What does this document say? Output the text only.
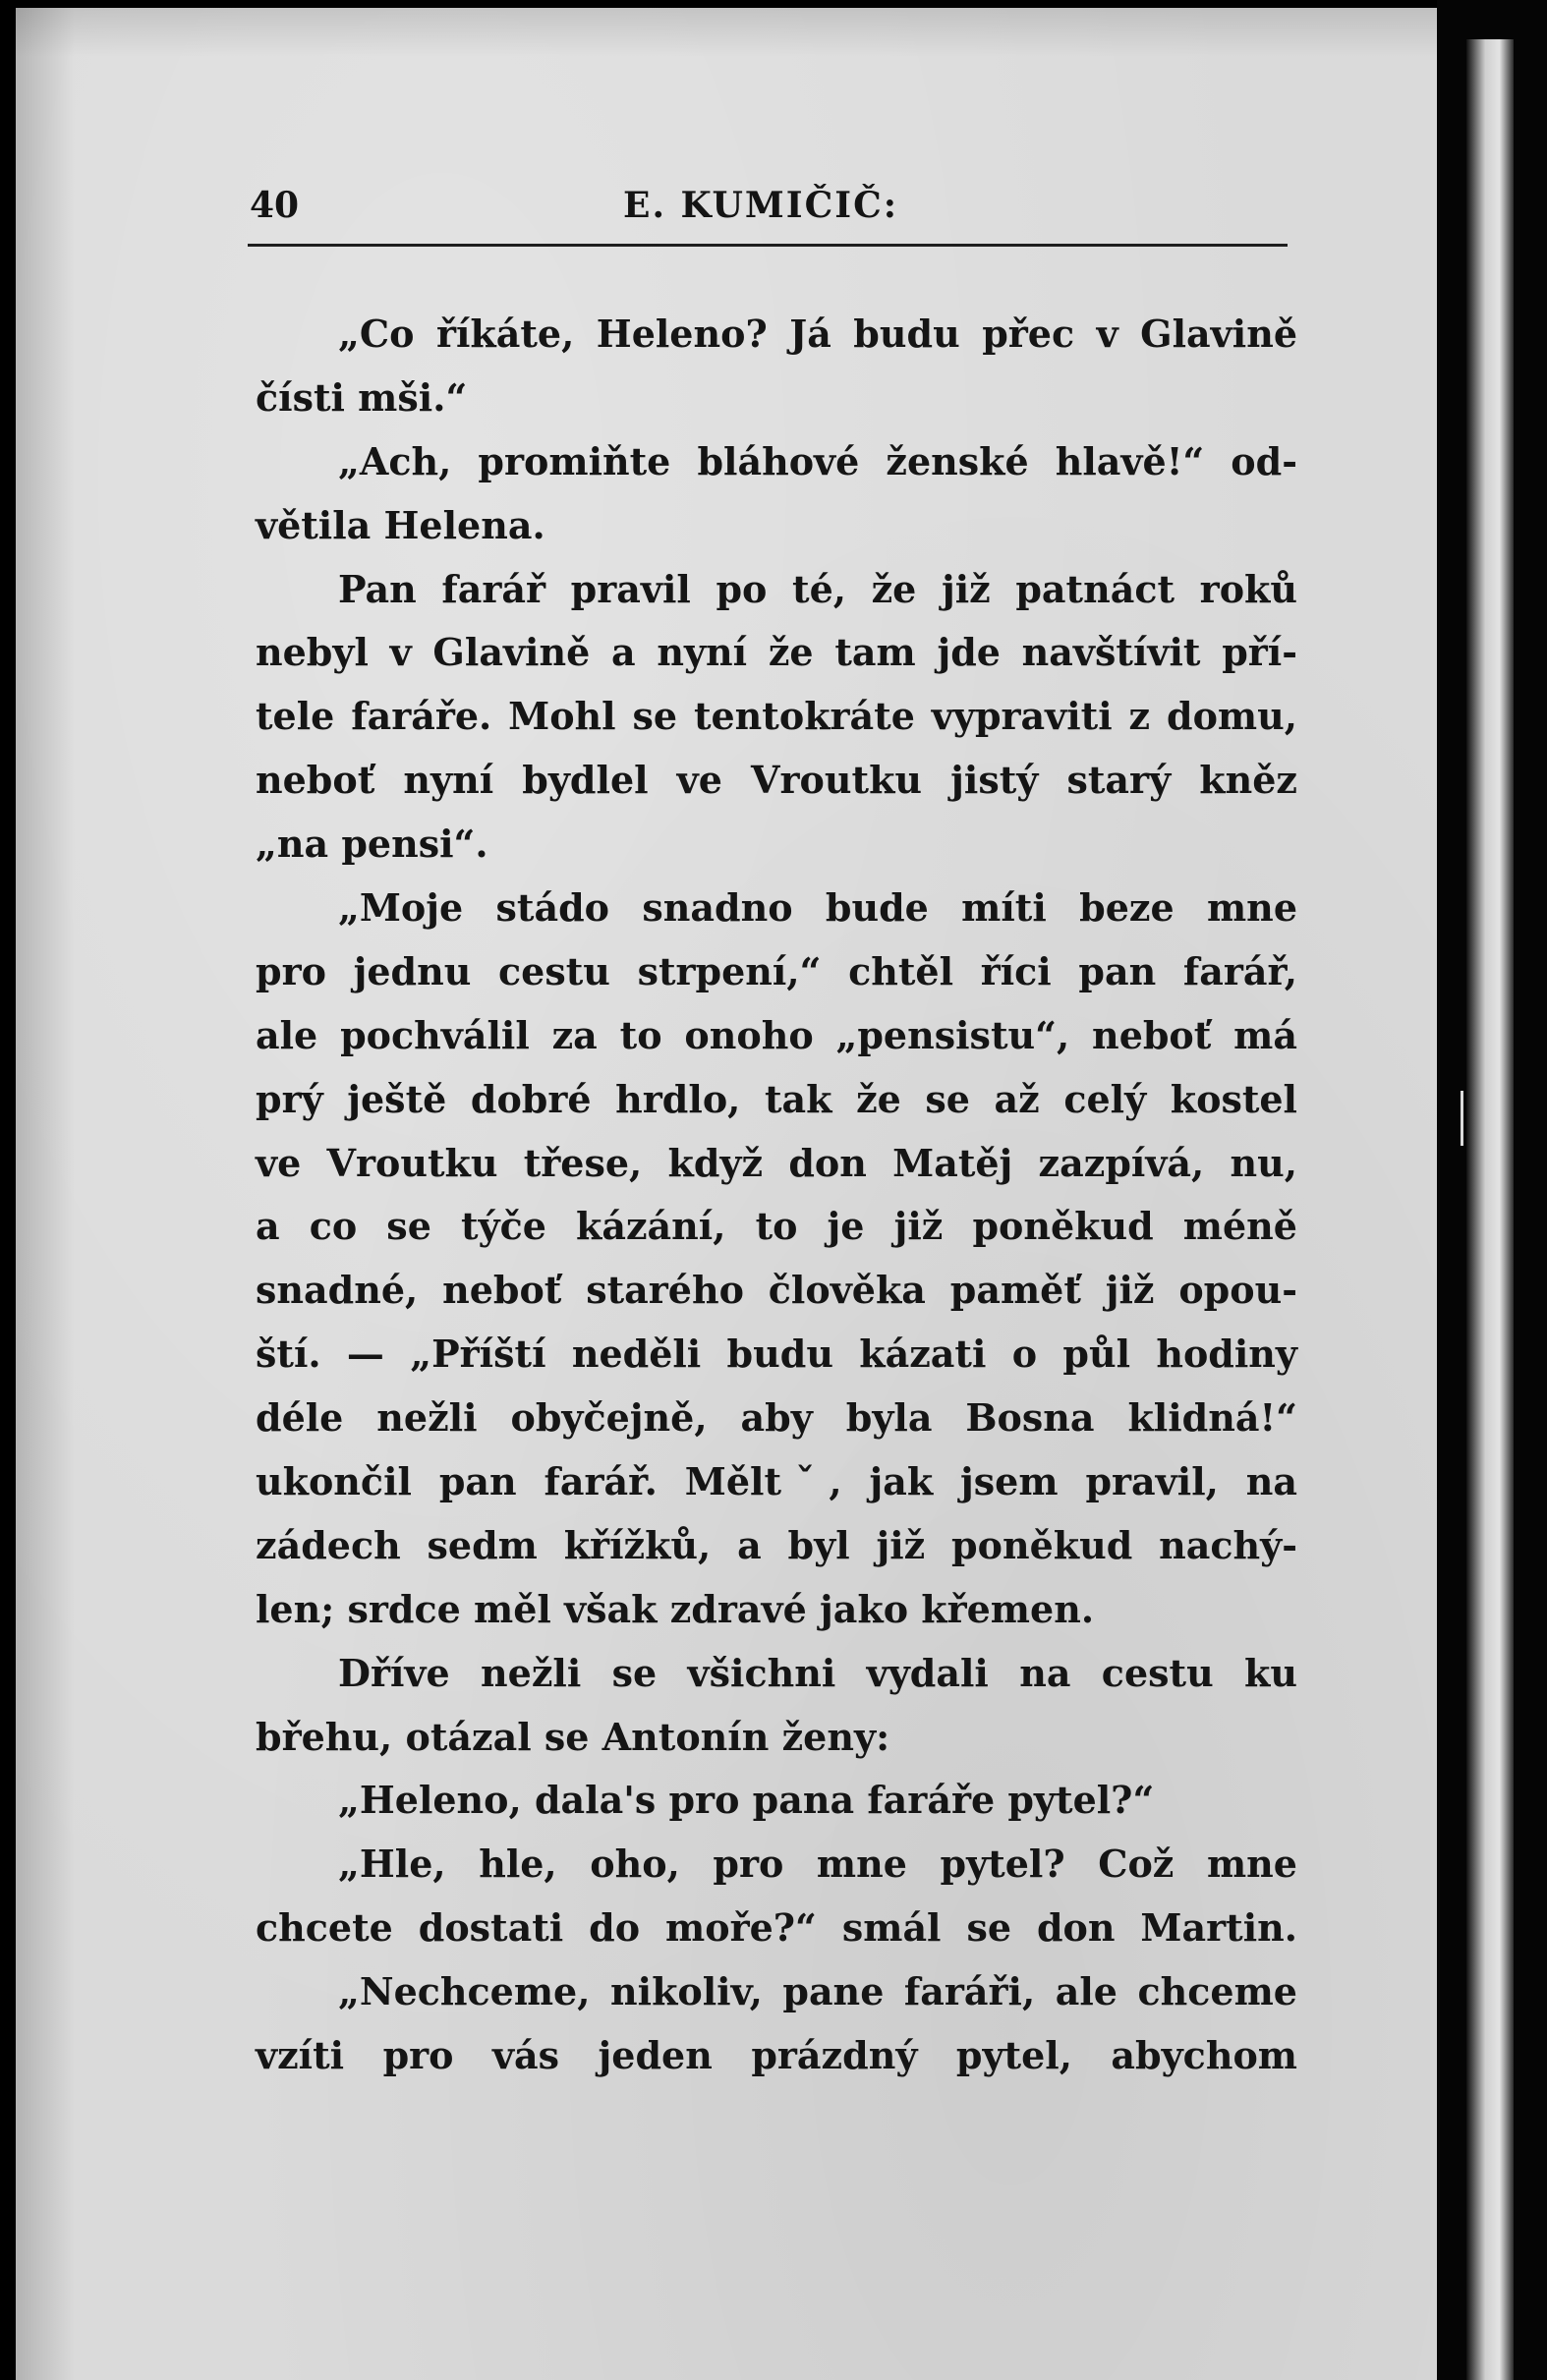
40	E. KUMIČIČ:
„Co říkáte, Heleno? Já budu přec v Glavině
čísti mši.“
„Ach, promiňte bláhové ženské hlavě!“ od-
větila Helena.
Pan farář pravil po té, že již patnáct roků
nebyl v Glavině a nyní že tam jde navštívit pří-
tele faráře. Mohl se tentokráte vypraviti z domu,
neboť nyní bydlel ve Vroutku jistý starý kněz
„na pensi“.
„Moje stádo snadno bude míti beze mne
pro jednu cestu strpení,“ chtěl říci pan farář,
ale pochválil za to onoho „pensistu“, neboť má
prý ještě dobré hrdlo, tak že se až celý kostel
ve Vroutku třese, když don Matěj zazpívá, nu,
a co se týče kázání, to je již poněkud méně
snadné, neboť starého člověka paměť již opou-
ští. — „Příští neděli budu kázati o půl hodiny
déle nežli obyčejně, aby byla Bosna klidná!“
ukončil pan farář. Měltˇ, jak jsem pravil, na
zádech sedm křížků, a byl již poněkud nachý-
len; srdce měl však zdravé jako křemen.
Dříve nežli se všichni vydali na cestu ku
břehu, otázal se Antonín ženy:
„Heleno, dala's pro pana faráře pytel?“
„Hle, hle, oho, pro mne pytel? Což mne
chcete dostati do moře?“ smál se don Martin.
„Nechceme, nikoliv, pane faráři, ale chceme
vzíti pro vás jeden prázdný pytel, abychom
